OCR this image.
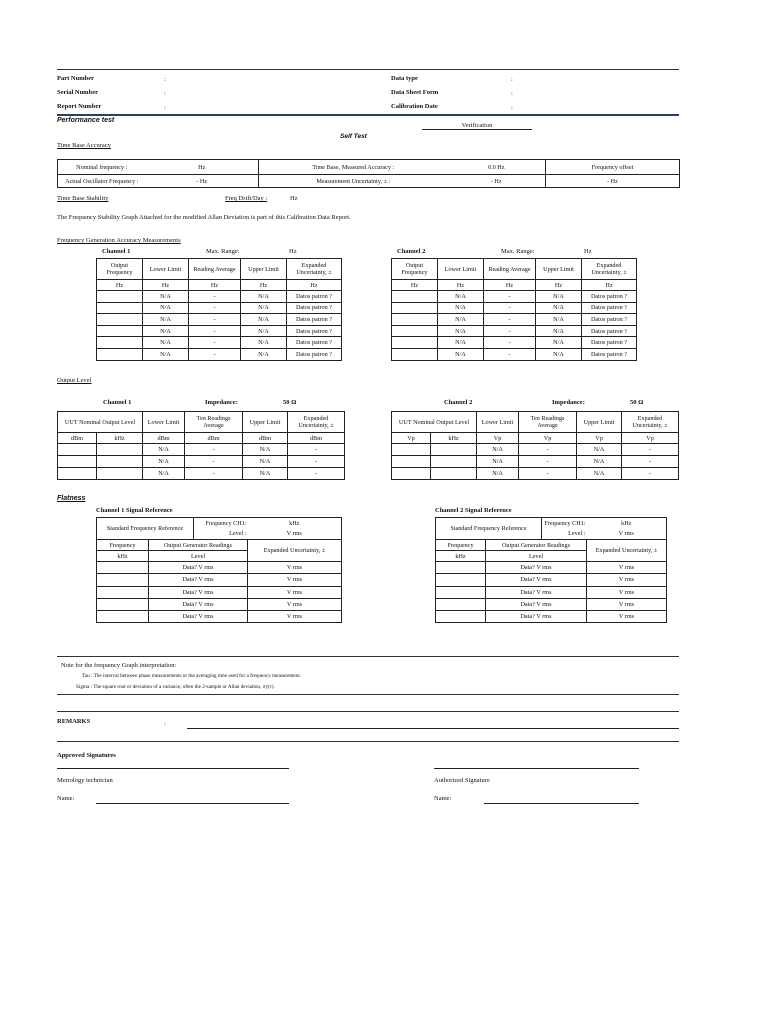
Part Number	:
Serial Number	:
Report Number	:
Data type	:
Data Sheet Form	:
Calibration Date	:
Performance test
Verification
Self Test
Time Base Accuracy
Nominal frequency :	Hz	Time Base, Measured Accuracy :	0.0 Hz	Frequency offset	
Actual Oscillator Frequency :	- Hz	Measurement Uncertainty, ± :	- Hz	- Hz	
Time Base Stability	Freq Drift/Day :	Hz
The Frequency Stability Graph Attached for the modified Allan Deviation is part of this Calibration Data Report.
Frequency Generation Accuracy Measurements
Channel 1	Max. Range:	Hz
Output Frequency	Lower Limit	Reading Average	Upper Limit	Expanded Uncertainty, ±
Hz	Hz	Hz	Hz	Hz
	N/A	-	N/A	Datos patron ?
	N/A	-	N/A	Datos patron ?
	N/A	-	N/A	Datos patron ?
	N/A	-	N/A	Datos patron ?
	N/A	-	N/A	Datos patron ?
	N/A	-	N/A	Datos patron ?
Channel 2	Max. Range:	Hz
Output Frequency	Lower Limit	Reading Average	Upper Limit	Expanded Uncertainty, ±
Hz	Hz	Hz	Hz	Hz
	N/A	-	N/A	Datos patron ?
	N/A	-	N/A	Datos patron ?
	N/A	-	N/A	Datos patron ?
	N/A	-	N/A	Datos patron ?
	N/A	-	N/A	Datos patron ?
	N/A	-	N/A	Datos patron ?
Output Level
Channel 1	Impedance:	50 Ω
UUT Nominal Output Level		Lower Limit	Ten Readings Average	Upper Limit	Expanded Uncertainty, ±
dBm	kHz	dBm	dBm	dBm	dBm
		N/A	-	N/A	-
		N/A	-	N/A	-
		N/A	-	N/A	-
Channel 2	Impedance:	50 Ω
UUT Nominal Output Level		Lower Limit	Ten Readings Average	Upper Limit	Expanded Uncertainty, ±
Vp	kHz	Vp	Vp	Vp	Vp
		N/A	-	N/A	-
		N/A	-	N/A	-
		N/A	-	N/A	-
Flatness
Channel 1 Signal Reference
Standard Frequency Reference		Frequency CH1:	kHz
		Level :	V rms
Frequency	Output Generator Readings		Expanded Uncertainty, ±
kHz	Level		
	Data? V rms		V rms
	Data? V rms		V rms
	Data? V rms		V rms
	Data? V rms		V rms
	Data? V rms		V rms
Channel 2 Signal Reference
Standard Frequency Reference		Frequency CH1:	kHz
		Level :	V rms
Frequency	Output Generator Readings		Expanded Uncertainty, ±
kHz	Level		
	Data? V rms		V rms
	Data? V rms		V rms
	Data? V rms		V rms
	Data? V rms		V rms
	Data? V rms		V rms
Note for the frequency Graph interpretation:
Tau : The interval between phase measurements or the averaging time used for a frequency measurement.
Sigma : The square root or deviation of a variance, often the 2-sample or Allan deviation, σy(τ).
REMARKS	:
Approved Signatures
Metrology technician	Authorized Signature
Name:	Name:
